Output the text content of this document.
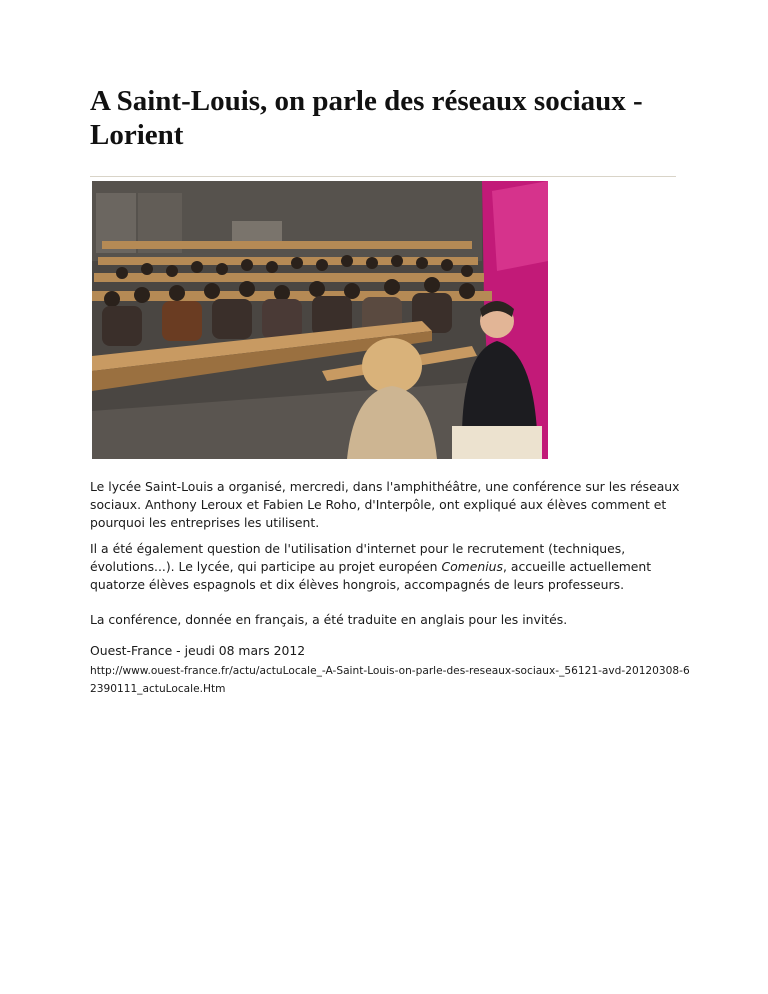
A Saint-Louis, on parle des réseaux sociaux - Lorient

Le lycée Saint-Louis a organisé, mercredi, dans l'amphithéâtre, une conférence sur les réseaux sociaux. Anthony Leroux et Fabien Le Roho, d'Interpôle, ont expliqué aux élèves comment et pourquoi les entreprises les utilisent.

Il a été également question de l'utilisation d'internet pour le recrutement (techniques, évolutions...). Le lycée, qui participe au projet européen Comenius, accueille actuellement quatorze élèves espagnols et dix élèves hongrois, accompagnés de leurs professeurs.

La conférence, donnée en français, a été traduite en anglais pour les invités.

Ouest-France - jeudi 08 mars 2012

http://www.ouest-france.fr/actu/actuLocale_-A-Saint-Louis-on-parle-des-reseaux-sociaux-_56121-avd-20120308-62390111_actuLocale.Htm
